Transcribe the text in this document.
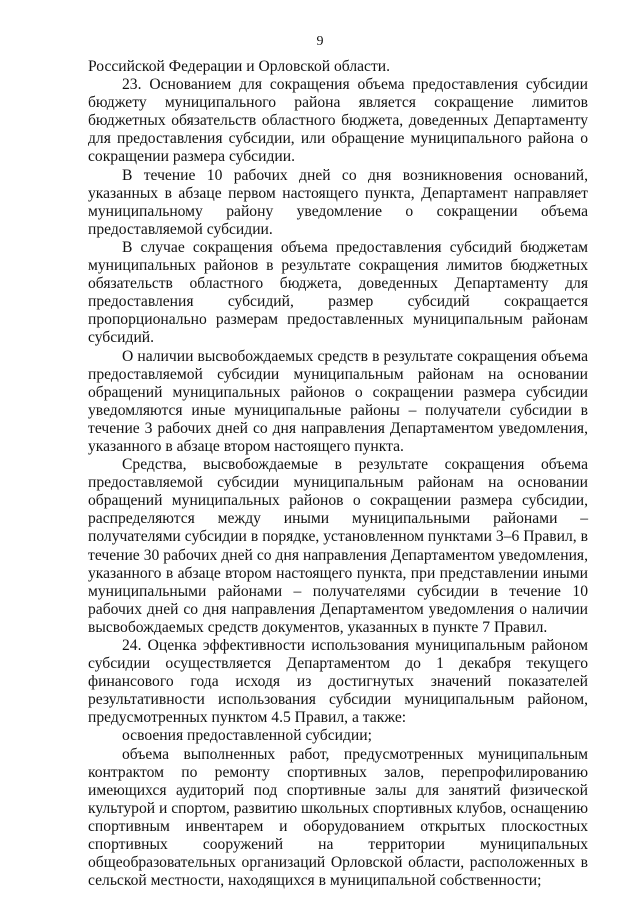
9

Российской Федерации и Орловской области.

23. Основанием для сокращения объема предоставления субсидии бюджету муниципального района является сокращение лимитов бюджетных обязательств областного бюджета, доведенных Департаменту для предоставления субсидии, или обращение муниципального района о сокращении размера субсидии.

В течение 10 рабочих дней со дня возникновения оснований, указанных в абзаце первом настоящего пункта, Департамент направляет муниципальному району уведомление о сокращении объема предоставляемой субсидии.

В случае сокращения объема предоставления субсидий бюджетам муниципальных районов в результате сокращения лимитов бюджетных обязательств областного бюджета, доведенных Департаменту для предоставления субсидий, размер субсидий сокращается пропорционально размерам предоставленных муниципальным районам субсидий.

О наличии высвобождаемых средств в результате сокращения объема предоставляемой субсидии муниципальным районам на основании обращений муниципальных районов о сокращении размера субсидии уведомляются иные муниципальные районы – получатели субсидии в течение 3 рабочих дней со дня направления Департаментом уведомления, указанного в абзаце втором настоящего пункта.

Средства, высвобождаемые в результате сокращения объема предоставляемой субсидии муниципальным районам на основании обращений муниципальных районов о сокращении размера субсидии, распределяются между иными муниципальными районами – получателями субсидии в порядке, установленном пунктами 3–6 Правил, в течение 30 рабочих дней со дня направления Департаментом уведомления, указанного в абзаце втором настоящего пункта, при представлении иными муниципальными районами – получателями субсидии в течение 10 рабочих дней со дня направления Департаментом уведомления о наличии высвобождаемых средств документов, указанных в пункте 7 Правил.

24. Оценка эффективности использования муниципальным районом субсидии осуществляется Департаментом до 1 декабря текущего финансового года исходя из достигнутых значений показателей результативности использования субсидии муниципальным районом, предусмотренных пунктом 4.5 Правил, а также:

освоения предоставленной субсидии;

объема выполненных работ, предусмотренных муниципальным контрактом по ремонту спортивных залов, перепрофилированию имеющихся аудиторий под спортивные залы для занятий физической культурой и спортом, развитию школьных спортивных клубов, оснащению спортивным инвентарем и оборудованием открытых плоскостных спортивных сооружений на территории муниципальных общеобразовательных организаций Орловской области, расположенных в сельской местности, находящихся в муниципальной собственности;
